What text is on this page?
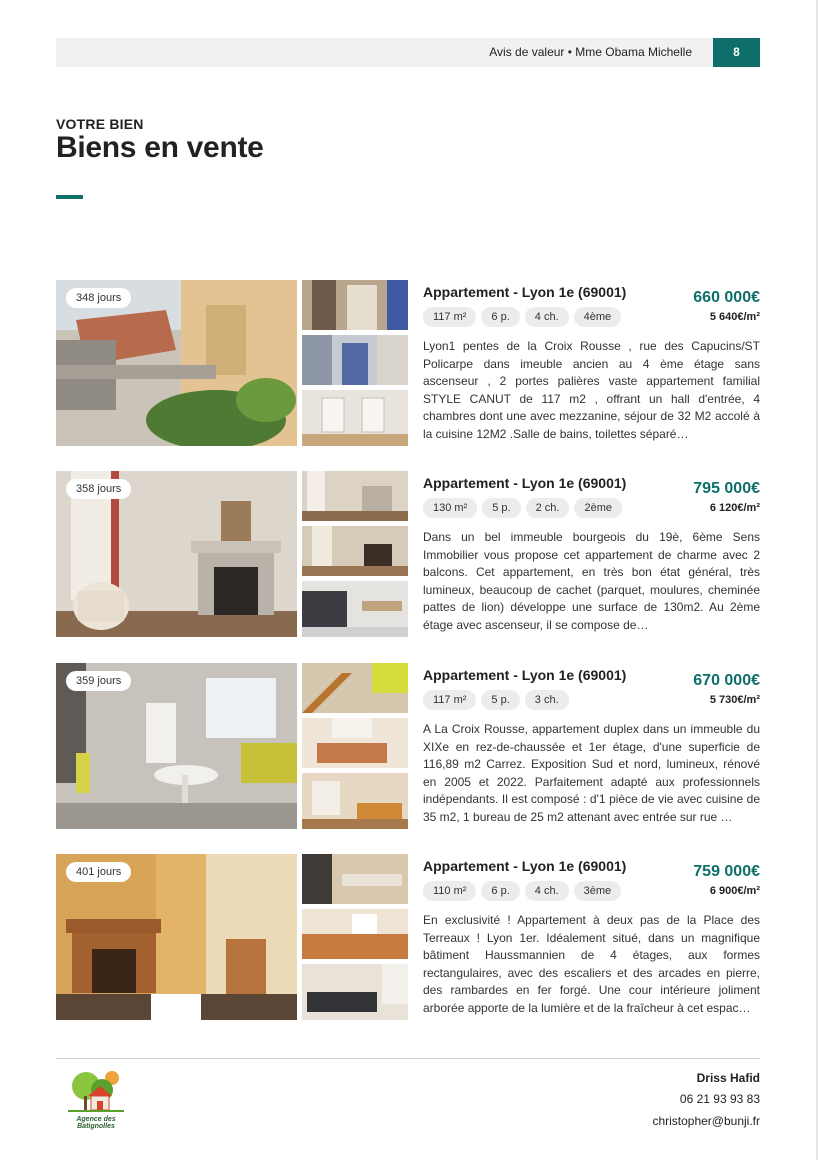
Avis de valeur • Mme Obama Michelle	8
VOTRE BIEN
Biens en vente
348 jours	Appartement - Lyon 1e (69001)	660 000€
5 640€/m²
117 m²	6 p.	4 ch.	4ème
Lyon1 pentes de la Croix Rousse , rue des Capucins/ST Policarpe dans imeuble ancien au 4 ème étage sans ascenseur , 2 portes palières vaste appartement familial STYLE CANUT de 117 m2 , offrant un hall d'entrée, 4 chambres dont une avec mezzanine, séjour de 32 M2 accolé à la cuisine 12M2 .Salle de bains, toilettes séparé…
358 jours	Appartement - Lyon 1e (69001)	795 000€
6 120€/m²
130 m²	5 p.	2 ch.	2ème
Dans un bel immeuble bourgeois du 19è, 6ème Sens Immobilier vous propose cet appartement de charme avec 2 balcons. Cet appartement, en très bon état général, très lumineux, beaucoup de cachet (parquet, moulures, cheminée pattes de lion) développe une surface de 130m2. Au 2ème étage avec ascenseur, il se compose de…
359 jours	Appartement - Lyon 1e (69001)	670 000€
5 730€/m²
117 m²	5 p.	3 ch.
A La Croix Rousse, appartement duplex dans un immeuble du XIXe en rez-de-chaussée et 1er étage, d'une superficie de 116,89 m2 Carrez. Exposition Sud et nord, lumineux, rénové en 2005 et 2022. Parfaitement adapté aux professionnels indépendants. Il est composé : d'1 pièce de vie avec cuisine de 35 m2, 1 bureau de 25 m2 attenant avec entrée sur rue …
401 jours	Appartement - Lyon 1e (69001)	759 000€
6 900€/m²
110 m²	6 p.	4 ch.	3ème
En exclusivité ! Appartement à deux pas de la Place des Terreaux ! Lyon 1er. Idéalement situé, dans un magnifique bâtiment Haussmannien de 4 étages, aux formes rectangulaires, avec des escaliers et des arcades en pierre, des rambardes en fer forgé. Une cour intérieure joliment arborée apporte de la lumière et de la fraîcheur à cet espac…
Agence des Batignolles
Driss Hafid
06 21 93 93 83
christopher@bunji.fr
